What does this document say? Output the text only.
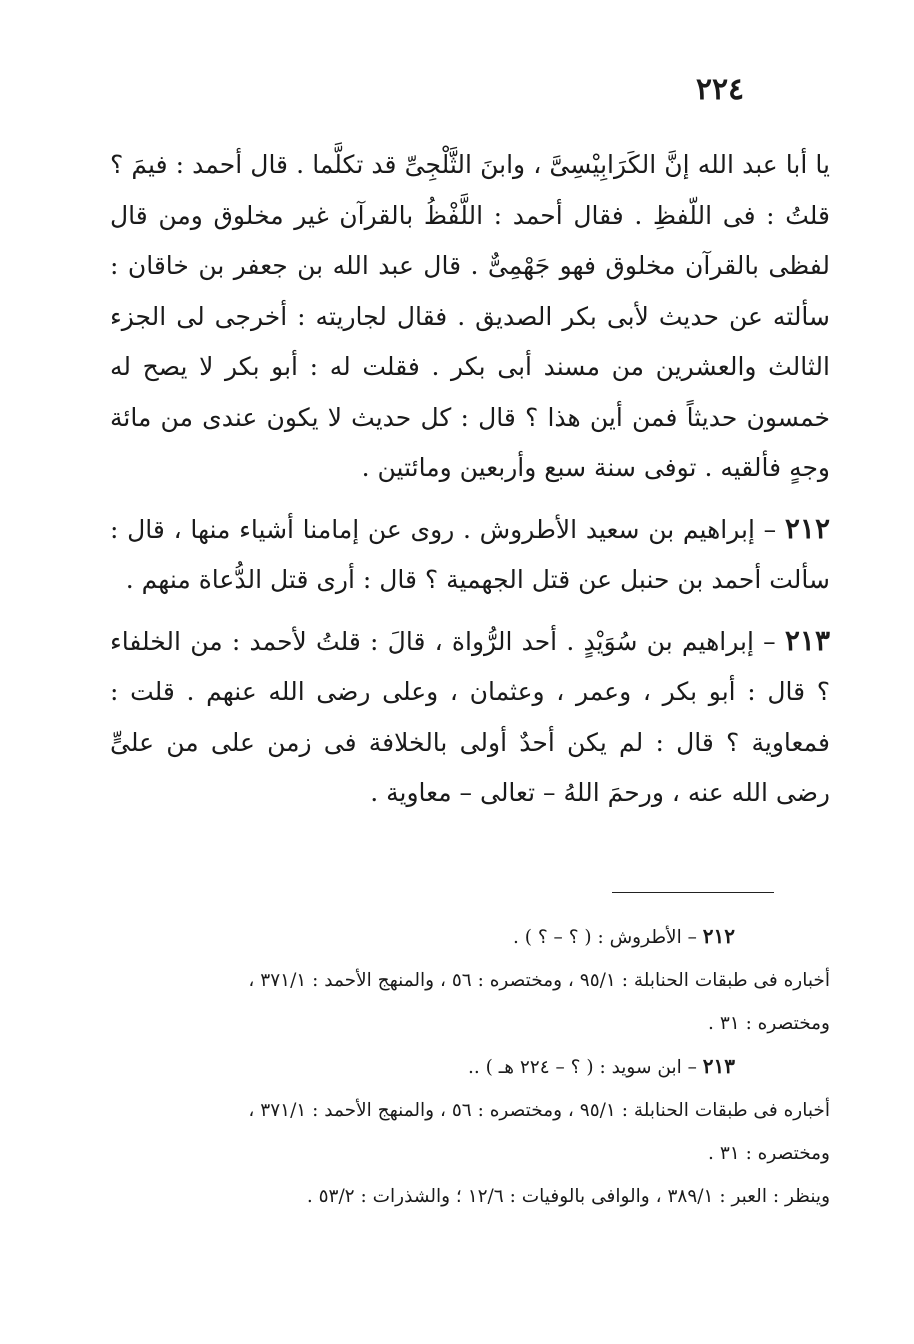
٢٢٤

يا أبا عبد الله إنَّ الكَرَابِيْسِىَّ ، وابنَ الثَّلْجِىِّ قد تكلَّما . قال أحمد : فيمَ ؟ قلتُ : فى اللّفظِ . فقال أحمد : اللَّفْظُ بالقرآن غير مخلوق ومن قال لفظى بالقرآن مخلوق فهو جَهْمِىٌّ . قال عبد الله بن جعفر بن خاقان : سألته عن حديث لأبى بكر الصديق . فقال لجاريته : أخرجى لى الجزء الثالث والعشرين من مسند أبى بكر . فقلت له : أبو بكر لا يصح له خمسون حديثاً فمن أين هذا ؟ قال : كل حديث لا يكون عندى من مائة وجهٍ فألقيه . توفى سنة سبع وأربعين ومائتين .

٢١٢ – إبراهيم بن سعيد الأطروش . روى عن إمامنا أشياء منها ، قال : سألت أحمد بن حنبل عن قتل الجهمية ؟ قال : أرى قتل الدُّعاة منهم .

٢١٣ – إبراهيم بن سُوَيْدٍ . أحد الرُّواة ، قالَ : قلتُ لأحمد : من الخلفاء ؟ قال : أبو بكر ، وعمر ، وعثمان ، وعلى رضى الله عنهم . قلت : فمعاوية ؟ قال : لم يكن أحدٌ أولى بالخلافة فى زمن على من علىٍّ رضى الله عنه ، ورحمَ اللهُ – تعالى – معاوية .

٢١٢ – الأطروش : ( ؟ – ؟ ) .

أخباره فى طبقات الحنابلة : ٩٥/١ ، ومختصره : ٥٦ ، والمنهج الأحمد : ٣٧١/١ ،

ومختصره : ٣١ .

٢١٣ – ابن سويد : ( ؟ – ٢٢٤ هـ ) ..

أخباره فى طبقات الحنابلة : ٩٥/١ ، ومختصره : ٥٦ ، والمنهج الأحمد : ٣٧١/١ ،

ومختصره : ٣١ .

وينظر : العبر : ٣٨٩/١ ، والوافى بالوفيات : ١٢/٦ ؛ والشذرات : ٥٣/٢ .
